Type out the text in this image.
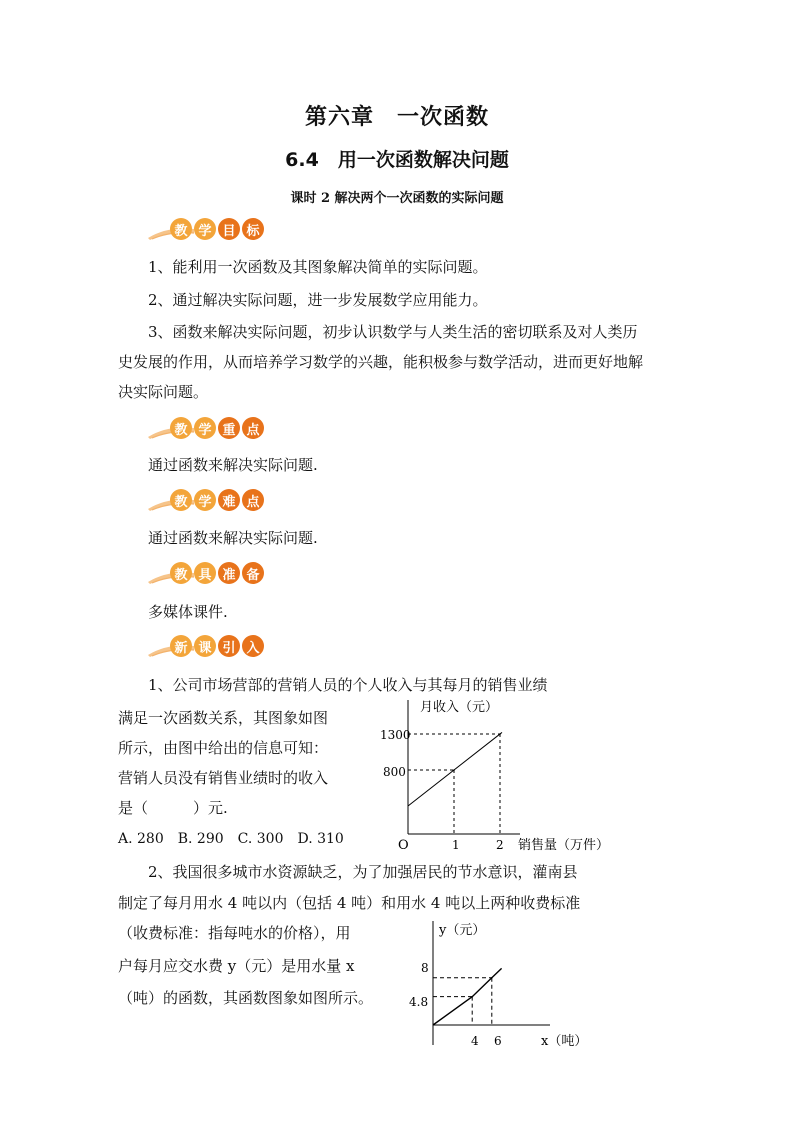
第六章　一次函数
6.4　用一次函数解决问题
课时 2 解决两个一次函数的实际问题
教 学 目 标
1、能利用一次函数及其图象解决简单的实际问题。
2、通过解决实际问题，进一步发展数学应用能力。
3、函数来解决实际问题，初步认识数学与人类生活的密切联系及对人类历
史发展的作用，从而培养学习数学的兴趣，能积极参与数学活动，进而更好地解
决实际问题。
教 学 重 点
通过函数来解决实际问题.
教 学 难 点
通过函数来解决实际问题.
教 具 准 备
多媒体课件.
新 课 引 入
1、公司市场营部的营销人员的个人收入与其每月的销售业绩
满足一次函数关系，其图象如图
所示，由图中给出的信息可知：
营销人员没有销售业绩时的收入
是（　　　）元.
A. 280　B. 290　C. 300　D. 310
月收入（元）
销售量（万件）
O
1300
800
1	2
2、我国很多城市水资源缺乏，为了加强居民的节水意识，灌南县
制定了每月用水 4 吨以内（包括 4 吨）和用水 4 吨以上两种收费标准
（收费标准：指每吨水的价格），用
户每月应交水费 y（元）是用水量 x
（吨）的函数，其函数图象如图所示。
y（元）
x（吨）
8
4.8
4 6
